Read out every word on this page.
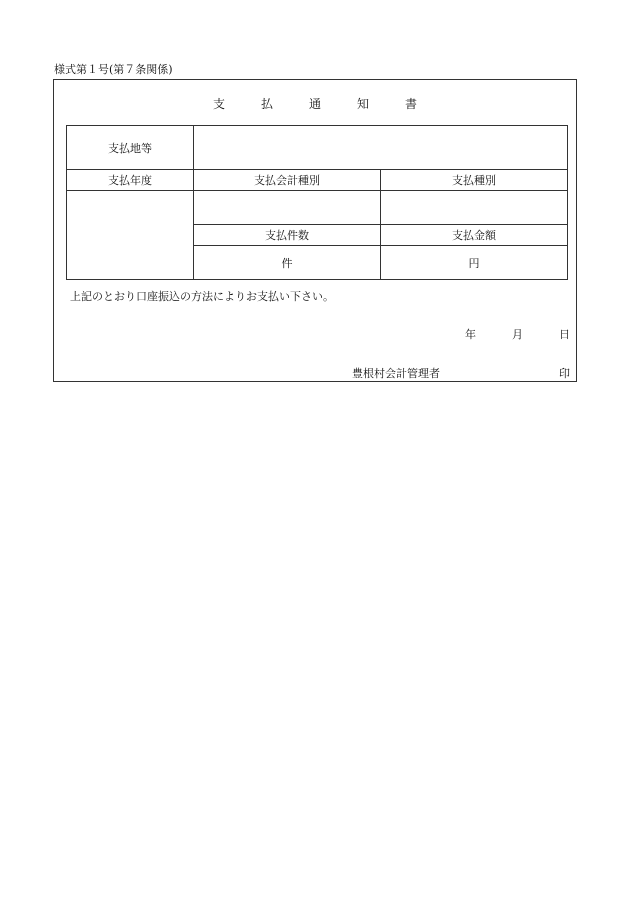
様式第１号(第７条関係)
支払通知書
支払地等		
支払年度	支払会計種別	支払種別

	支払件数	支払金額
	件	円
上記のとおり口座振込の方法によりお支払い下さい。
年	月	日
豊根村会計管理者	印
